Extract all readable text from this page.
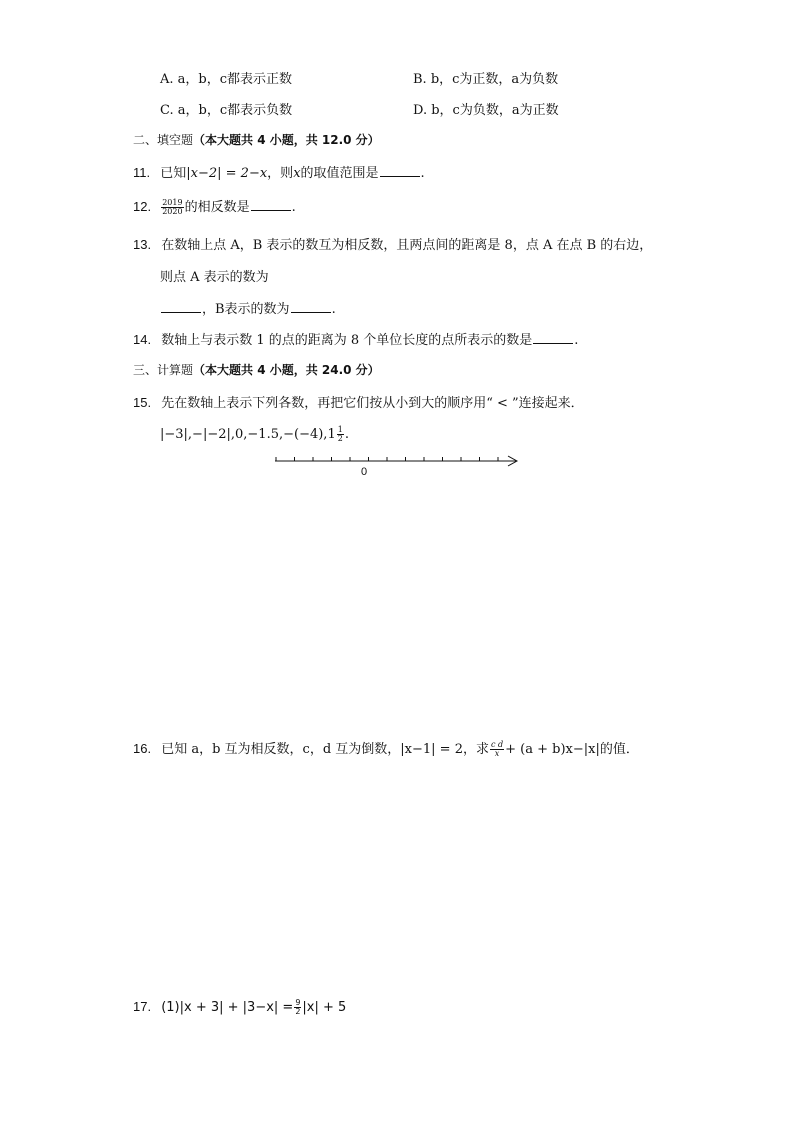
A. a，b，c都表示正数	B. b，c为正数，a为负数
C. a，b，c都表示负数	D. b，c为负数，a为正数
二、填空题（本大题共 4 小题，共 12.0 分）
11. 已知|x−2| = 2−x，则x的取值范围是	.
12. $\frac{2019}{2020}$ 的相反数是	.
13. 在数轴上点 A，B 表示的数互为相反数，且两点间的距离是 8，点 A 在点 B 的右边，
则点 A 表示的数为
，B表示的数为	.
14. 数轴上与表示数 1 的点的距离为 8 个单位长度的点所表示的数是	.
三、计算题（本大题共 4 小题，共 24.0 分）
15. 先在数轴上表示下列各数，再把它们按从小到大的顺序用“ < ”连接起来．
$|-3|,-|-2|,0,-1.5,-(-4),1 \frac{1}{2}$ .
0
16. 已知 a，b 互为相反数，c，d 互为倒数，|x−1| = 2，求 $\frac{\text{c d}}{x} + (a + b)x-|x|$的值．
17. $(1)|x + 3| + |3-x| = \frac{9}{2} |x| + 5$
